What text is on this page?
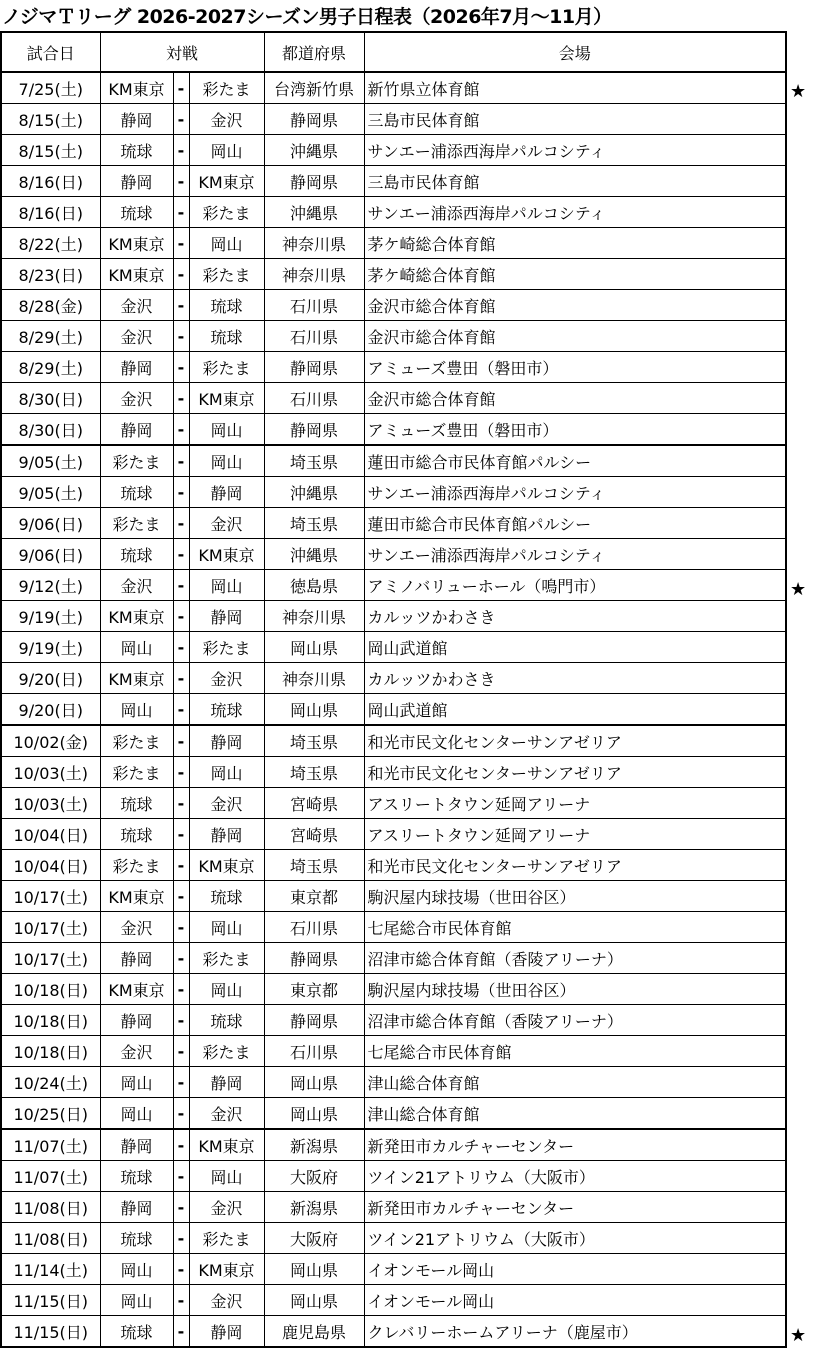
ノジマＴリーグ 2026-2027シーズン男子日程表（2026年7月～11月）
試合日	対戦			都道府県	会場
7/25(土)	KM東京	-	彩たま	台湾新竹県	新竹県立体育館
8/15(土)	静岡	-	金沢	静岡県	三島市民体育館
8/15(土)	琉球	-	岡山	沖縄県	サンエー浦添西海岸パルコシティ
8/16(日)	静岡	-	KM東京	静岡県	三島市民体育館
8/16(日)	琉球	-	彩たま	沖縄県	サンエー浦添西海岸パルコシティ
8/22(土)	KM東京	-	岡山	神奈川県	茅ケ崎総合体育館
8/23(日)	KM東京	-	彩たま	神奈川県	茅ケ崎総合体育館
8/28(金)	金沢	-	琉球	石川県	金沢市総合体育館
8/29(土)	金沢	-	琉球	石川県	金沢市総合体育館
8/29(土)	静岡	-	彩たま	静岡県	アミューズ豊田（磐田市）
8/30(日)	金沢	-	KM東京	石川県	金沢市総合体育館
8/30(日)	静岡	-	岡山	静岡県	アミューズ豊田（磐田市）
9/05(土)	彩たま	-	岡山	埼玉県	蓮田市総合市民体育館パルシー
9/05(土)	琉球	-	静岡	沖縄県	サンエー浦添西海岸パルコシティ
9/06(日)	彩たま	-	金沢	埼玉県	蓮田市総合市民体育館パルシー
9/06(日)	琉球	-	KM東京	沖縄県	サンエー浦添西海岸パルコシティ
9/12(土)	金沢	-	岡山	徳島県	アミノバリューホール（鳴門市）
9/19(土)	KM東京	-	静岡	神奈川県	カルッツかわさき
9/19(土)	岡山	-	彩たま	岡山県	岡山武道館
9/20(日)	KM東京	-	金沢	神奈川県	カルッツかわさき
9/20(日)	岡山	-	琉球	岡山県	岡山武道館
10/02(金)	彩たま	-	静岡	埼玉県	和光市民文化センターサンアゼリア
10/03(土)	彩たま	-	岡山	埼玉県	和光市民文化センターサンアゼリア
10/03(土)	琉球	-	金沢	宮崎県	アスリートタウン延岡アリーナ
10/04(日)	琉球	-	静岡	宮崎県	アスリートタウン延岡アリーナ
10/04(日)	彩たま	-	KM東京	埼玉県	和光市民文化センターサンアゼリア
10/17(土)	KM東京	-	琉球	東京都	駒沢屋内球技場（世田谷区）
10/17(土)	金沢	-	岡山	石川県	七尾総合市民体育館
10/17(土)	静岡	-	彩たま	静岡県	沼津市総合体育館（香陵アリーナ）
10/18(日)	KM東京	-	岡山	東京都	駒沢屋内球技場（世田谷区）
10/18(日)	静岡	-	琉球	静岡県	沼津市総合体育館（香陵アリーナ）
10/18(日)	金沢	-	彩たま	石川県	七尾総合市民体育館
10/24(土)	岡山	-	静岡	岡山県	津山総合体育館
10/25(日)	岡山	-	金沢	岡山県	津山総合体育館
11/07(土)	静岡	-	KM東京	新潟県	新発田市カルチャーセンター
11/07(土)	琉球	-	岡山	大阪府	ツイン21アトリウム（大阪市）
11/08(日)	静岡	-	金沢	新潟県	新発田市カルチャーセンター
11/08(日)	琉球	-	彩たま	大阪府	ツイン21アトリウム（大阪市）
11/14(土)	岡山	-	KM東京	岡山県	イオンモール岡山
11/15(日)	岡山	-	金沢	岡山県	イオンモール岡山
11/15(日)	琉球	-	静岡	鹿児島県	クレバリーホームアリーナ（鹿屋市）
★
★
★
